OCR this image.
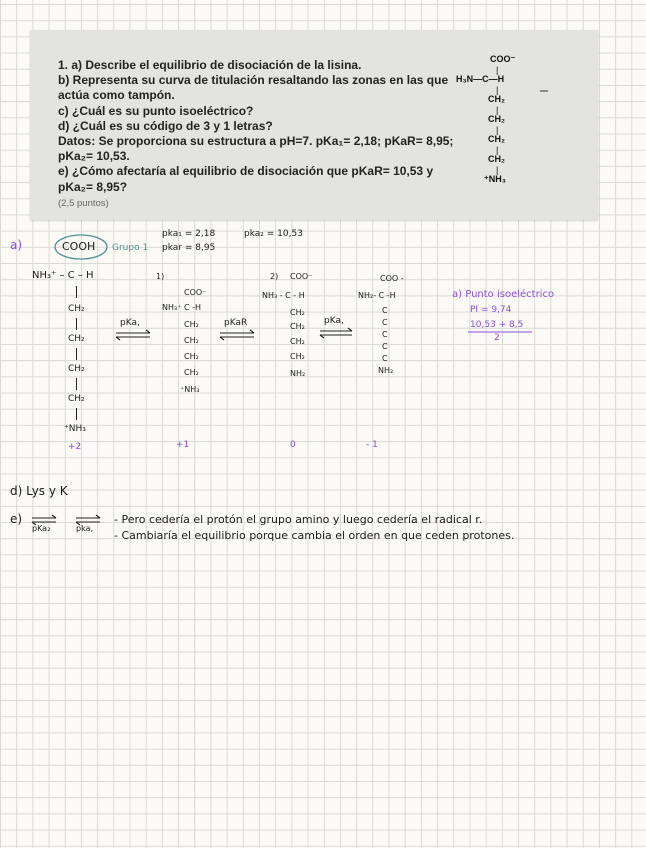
1. a) Describe el equilibrio de disociación de la lisina.
b) Representa su curva de titulación resaltando las zonas en las que
actúa como tampón.
c) ¿Cuál es su punto isoeléctrico?
d) ¿Cuál es su código de 3 y 1 letras?
Datos: Se proporciona su estructura a pH=7. pKa₁= 2,18; pKaR= 8,95;
pKa₂= 10,53.
e) ¿Cómo afectaría al equilibrio de disociación que pKaR= 10,53 y
pKa₂= 8,95?
(2,5 puntos)
COO⁻
|
H₃N—C—H
|
CH₂
|
CH₂
|
CH₂
|
CH₂
|
⁺NH₃
a)	COOH Grupo 1
pka₁ = 2,18	pka₂ = 10,53
pkar = 8,95
NH₃⁺ – C – H
CH₂
CH₂
CH₂
CH₂
⁺NH₃
+2
pKa,
1)
COO⁻
NH₃⁺ C -H
CH₂
CH₂
CH₂
CH₂
⁺NH₃
+1
pKaR
2) COO⁻
NH₃ - C - H
CH₂
CH₂
CH₂
CH₂
NH₂
0
pKa,
COO -
NH₂- C -H
C
C
C
C
C
NH₂
- 1
a) Punto isoeléctrico
PI = 9,74
10,53 + 8,5
2
d) Lys y K
e)
pKa₂	pka,
- Pero cedería el protón el grupo amino y luego cedería el radical r.
- Cambiaría el equilibrio porque cambia el orden en que ceden protones.
